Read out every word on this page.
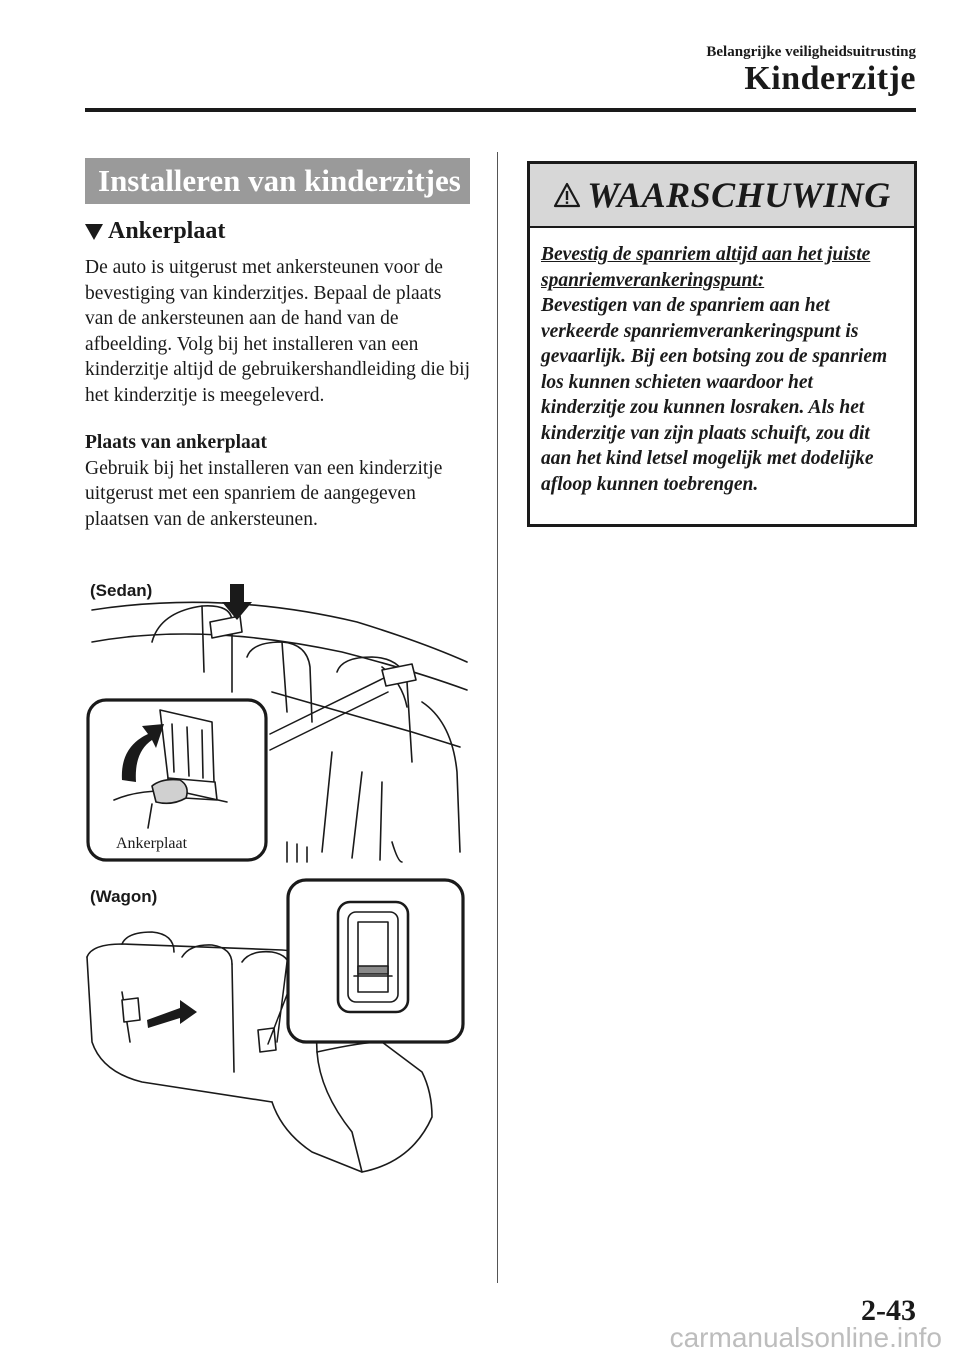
Belangrijke veiligheidsuitrusting
Kinderzitje
Installeren van kinderzitjes
Ankerplaat

De auto is uitgerust met ankersteunen voor de bevestiging van kinderzitjes. Bepaal de plaats van de ankersteunen aan de hand van de afbeelding. Volg bij het installeren van een kinderzitje altijd de gebruikershandleiding die bij het kinderzitje is meegeleverd.

Plaats van ankerplaat
Gebruik bij het installeren van een kinderzitje uitgerust met een spanriem de aangegeven plaatsen van de ankersteunen.

(Sedan)
Ankerplaat
(Wagon)
WAARSCHUWING
Bevestig de spanriem altijd aan het juiste spanriemverankeringspunt:
Bevestigen van de spanriem aan het verkeerde spanriemverankeringspunt is gevaarlijk. Bij een botsing zou de spanriem los kunnen schieten waardoor het kinderzitje zou kunnen losraken. Als het kinderzitje van zijn plaats schuift, zou dit aan het kind letsel mogelijk met dodelijke afloop kunnen toebrengen.
2-43
carmanualsonline.info
